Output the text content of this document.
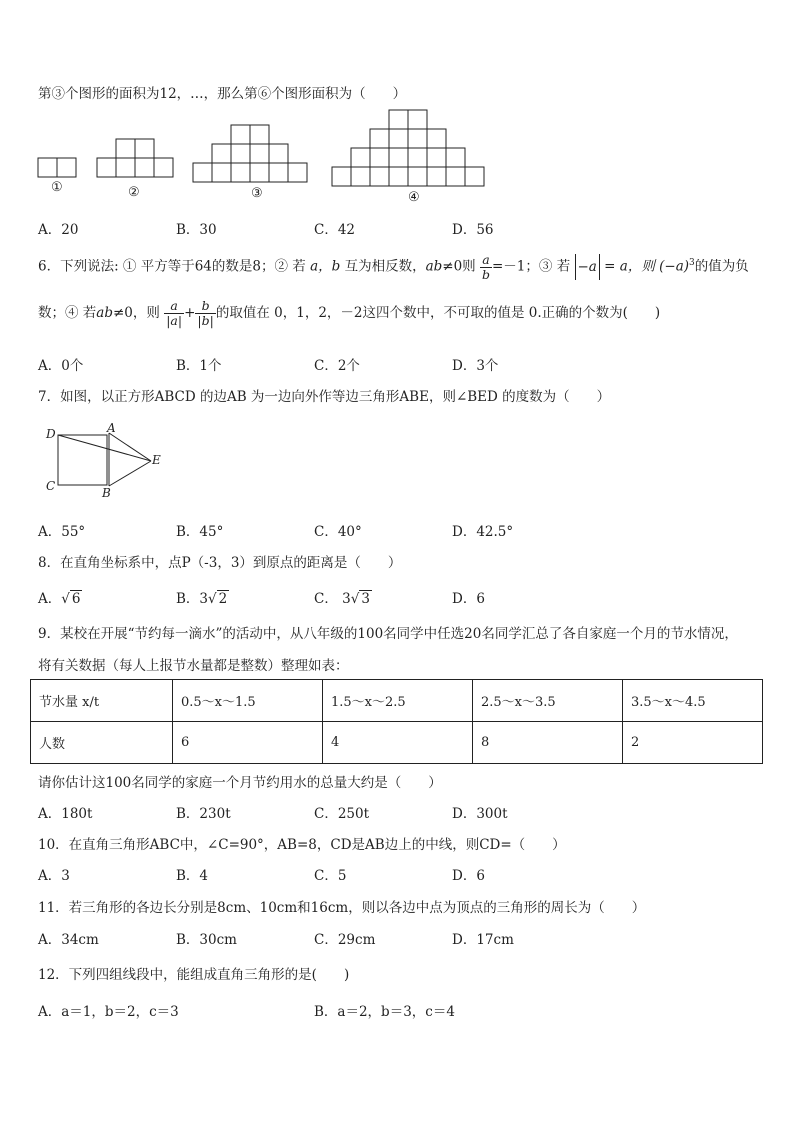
第③个图形的面积为12，…，那么第⑥个图形面积为（　　）
①	②	③	④
A．20	B．30	C．42	D．56
6．下列说法: ① 平方等于64的数是8；② 若 a，b 互为相反数，ab≠0则 $\frac{a}{b} =-1$；③ 若 −a = a，则 $(-a)^3$的值为负
数；④ 若ab≠0，则 $\frac{a}{|a|} + \frac{b}{|b|}$ 的取值在 0，1，2，－2这四个数中，不可取的值是 0.正确的个数为(　　)
A．0个	B．1个	C．2个	D．3个
7．如图，以正方形ABCD 的边AB 为一边向外作等边三角形ABE，则∠BED 的度数为（　　）
D	A
E
C	B
A．55°	B．45°	C．40°	D．42.5°
8．在直角坐标系中，点P（-3，3）到原点的距离是（　　）
A．√ 6	B．3√ 2	C． 3√ 3	D．6
9．某校在开展“节约每一滴水”的活动中，从八年级的100名同学中任选20名同学汇总了各自家庭一个月的节水情况，
将有关数据（每人上报节水量都是整数）整理如表：
节水量 x/t	0.5～x～1.5	1.5～x～2.5	2.5～x～3.5	3.5～x～4.5
人数	6	4	8	2
请你估计这100名同学的家庭一个月节约用水的总量大约是（　　）
A．180t	B．230t	C．250t	D．300t
10．在直角三角形ABC中，∠C=90°，AB=8，CD是AB边上的中线，则CD=（　　）
A．3	B．4	C．5	D．6
11．若三角形的各边长分别是8cm、10cm和16cm，则以各边中点为顶点的三角形的周长为（　　）
A．34cm	B．30cm	C．29cm	D．17cm
12．下列四组线段中，能组成直角三角形的是(　　)
A．a＝1，b＝2，c＝3	B．a＝2，b＝3，c＝4
